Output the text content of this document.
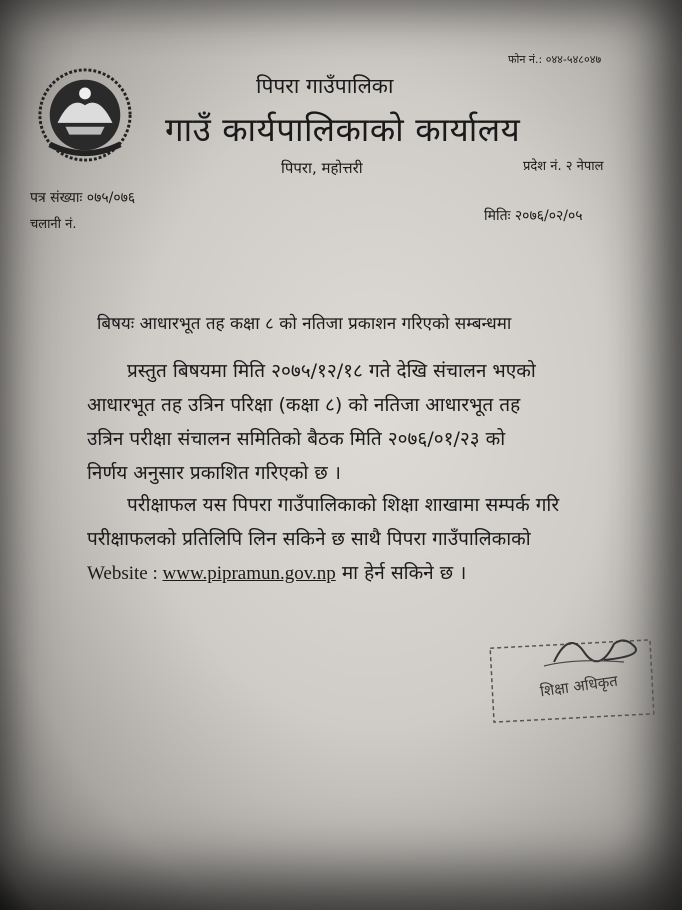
फोन नं.: ०४४-५४८०४७
पिपरा गाउँपालिका
गाउँ कार्यपालिकाको कार्यालय
पिपरा, महोत्तरी	प्रदेश नं. २ नेपाल
पत्र संख्याः ०७५/०७६
चलानी नं.
मितिः २०७६/०२/०५
बिषयः आधारभूत तह कक्षा ८ को नतिजा प्रकाशन गरिएको सम्बन्धमा
प्रस्तुत बिषयमा मिति २०७५/१२/१८ गते देखि संचालन भएको
आधारभूत तह उत्रिन परिक्षा (कक्षा ८) को नतिजा आधारभूत तह
उत्रिन परीक्षा संचालन समितिको बैठक मिति २०७६/०१/२३ को
निर्णय अनुसार प्रकाशित गरिएको छ ।
परीक्षाफल यस पिपरा गाउँपालिकाको शिक्षा शाखामा सम्पर्क गरि
परीक्षाफलको प्रतिलिपि लिन सकिने छ साथै पिपरा गाउँपालिकाको
Website : www.pipramun.gov.np मा हेर्न सकिने छ ।
शिक्षा अधिकृत
